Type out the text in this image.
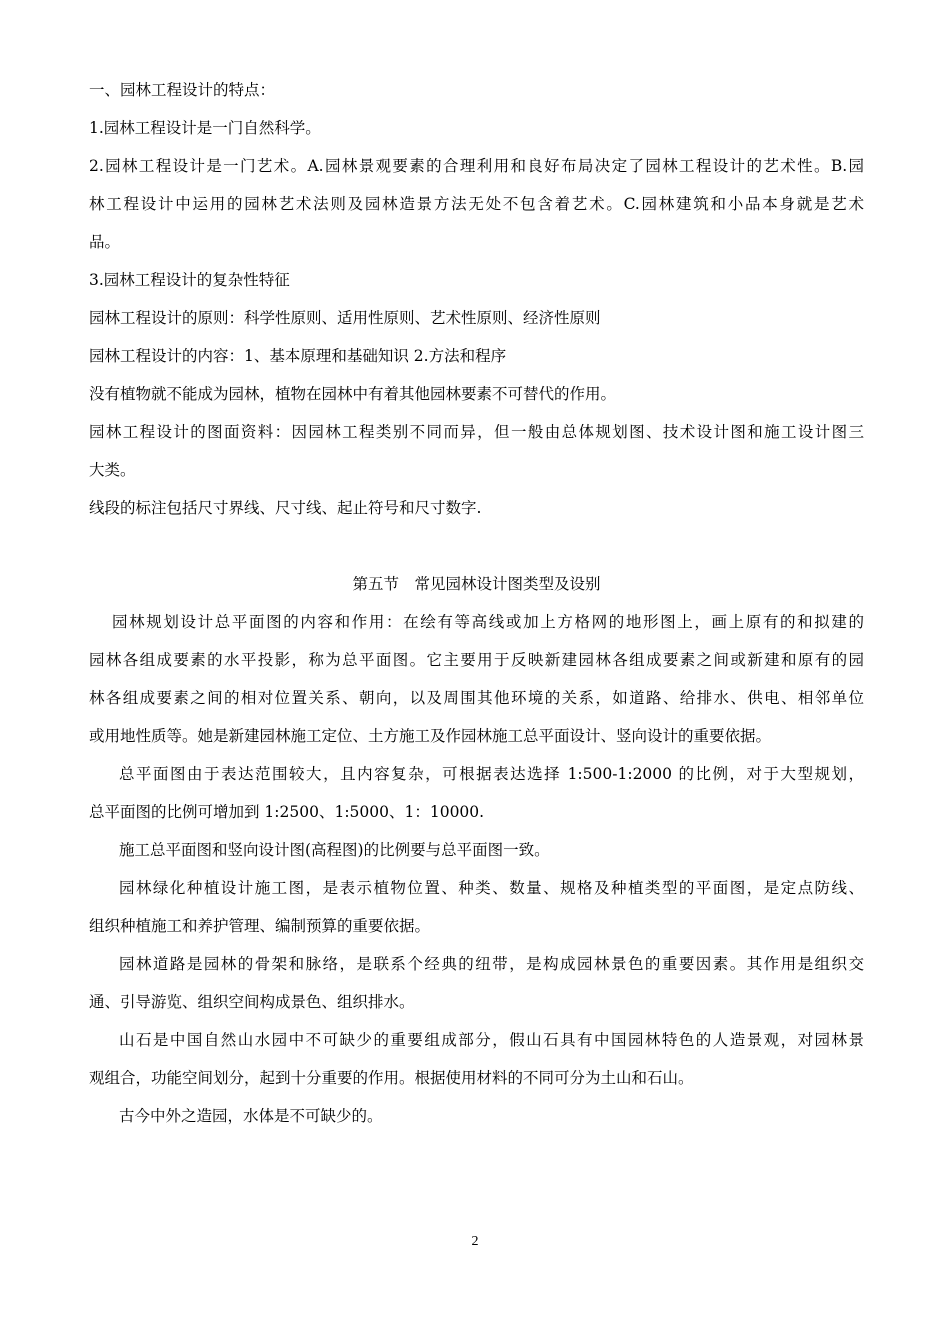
一、园林工程设计的特点：
1.园林工程设计是一门自然科学。
2.园林工程设计是一门艺术。A.园林景观要素的合理利用和良好布局决定了园林工程设计的艺术性。B.园
林工程设计中运用的园林艺术法则及园林造景方法无处不包含着艺术。C.园林建筑和小品本身就是艺术
品。
3.园林工程设计的复杂性特征
园林工程设计的原则：科学性原则、适用性原则、艺术性原则、经济性原则
园林工程设计的内容：1、基本原理和基础知识 2.方法和程序
没有植物就不能成为园林，植物在园林中有着其他园林要素不可替代的作用。
园林工程设计的图面资料：因园林工程类别不同而异，但一般由总体规划图、技术设计图和施工设计图三
大类。
线段的标注包括尺寸界线、尺寸线、起止符号和尺寸数字.
第五节　常见园林设计图类型及设别
园林规划设计总平面图的内容和作用：在绘有等高线或加上方格网的地形图上，画上原有的和拟建的
园林各组成要素的水平投影，称为总平面图。它主要用于反映新建园林各组成要素之间或新建和原有的园
林各组成要素之间的相对位置关系、朝向，以及周围其他环境的关系，如道路、给排水、供电、相邻单位
或用地性质等。她是新建园林施工定位、土方施工及作园林施工总平面设计、竖向设计的重要依据。
总平面图由于表达范围较大，且内容复杂，可根据表达选择 1:500-1:2000 的比例，对于大型规划，
总平面图的比例可增加到 1:2500、1:5000、1：10000.
施工总平面图和竖向设计图(高程图)的比例要与总平面图一致。
园林绿化种植设计施工图，是表示植物位置、种类、数量、规格及种植类型的平面图，是定点防线、
组织种植施工和养护管理、编制预算的重要依据。
园林道路是园林的骨架和脉络，是联系个经典的纽带，是构成园林景色的重要因素。其作用是组织交
通、引导游览、组织空间构成景色、组织排水。
山石是中国自然山水园中不可缺少的重要组成部分，假山石具有中国园林特色的人造景观，对园林景
观组合，功能空间划分，起到十分重要的作用。根据使用材料的不同可分为土山和石山。
古今中外之造园，水体是不可缺少的。
2
